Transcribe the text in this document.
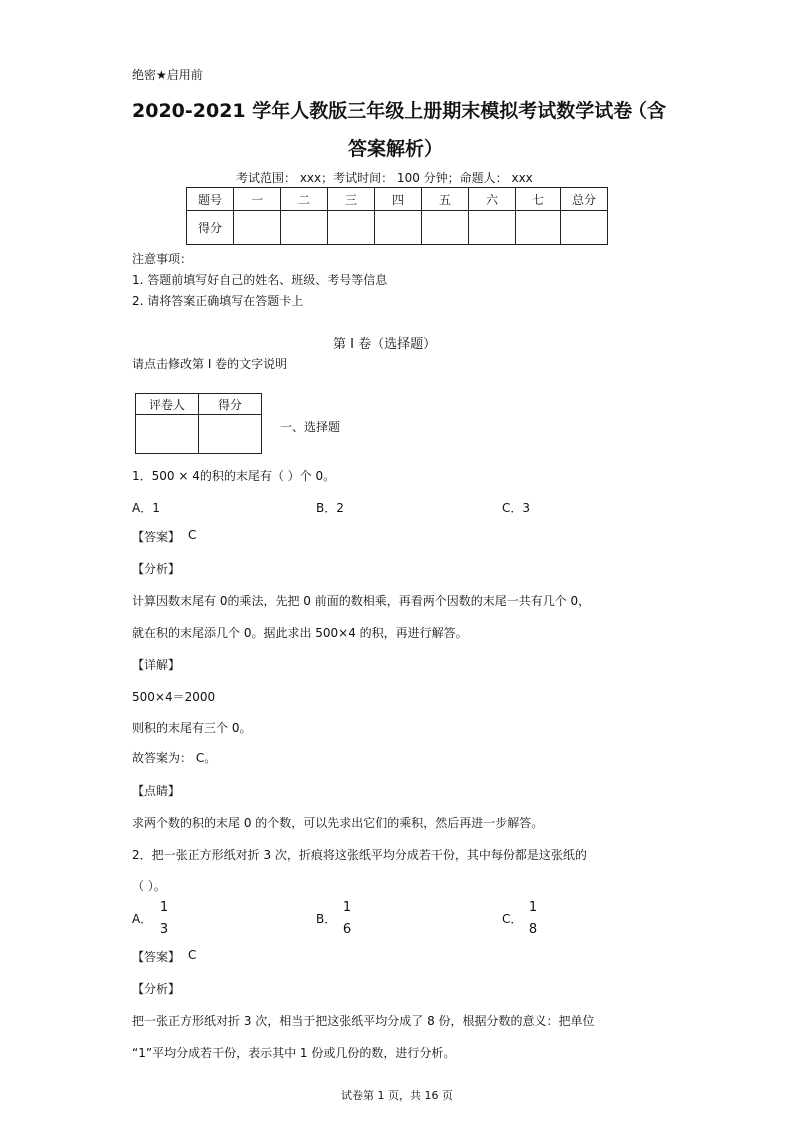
绝密★启用前
2020-2021 学年人教版三年级上册期末模拟考试数学试卷
（含
答案解析）
考试范围： xxx；考试时间： 100 分钟；命题人： xxx
题号	一	二	三	四	五	六	七	总分
得分								
注意事项：
1. 答题前填写好自己的姓名、班级、考号等信息
2. 请将答案正确填写在答题卡上
第 I 卷（选择题）
请点击修改第 I 卷的文字说明
评卷人	得分

一、选择题
1．500 × 4的积的末尾有（ ）个 0。
A．1	B．2	C．3
【答案】 C
【分析】
计算因数末尾有 0的乘法，先把 0 前面的数相乘，再看两个因数的末尾一共有几个 0，
就在积的末尾添几个 0。据此求出 500×4 的积，再进行解答。
【详解】
500×4＝2000
则积的末尾有三个 0。
故答案为： C。
【点睛】
求两个数的积的末尾 0 的个数，可以先求出它们的乘积，然后再进一步解答。
2．把一张正方形纸对折 3 次，折痕将这张纸平均分成若干份，其中每份都是这张纸的
（ ）。
A．
1
3
B．
1
6
C．
1
8
【答案】 C
【分析】
把一张正方形纸对折 3 次，相当于把这张纸平均分成了 8 份，根据分数的意义：把单位
“1”平均分成若干份，表示其中 1 份或几份的数，进行分析。
试卷第 1 页，共 16 页
